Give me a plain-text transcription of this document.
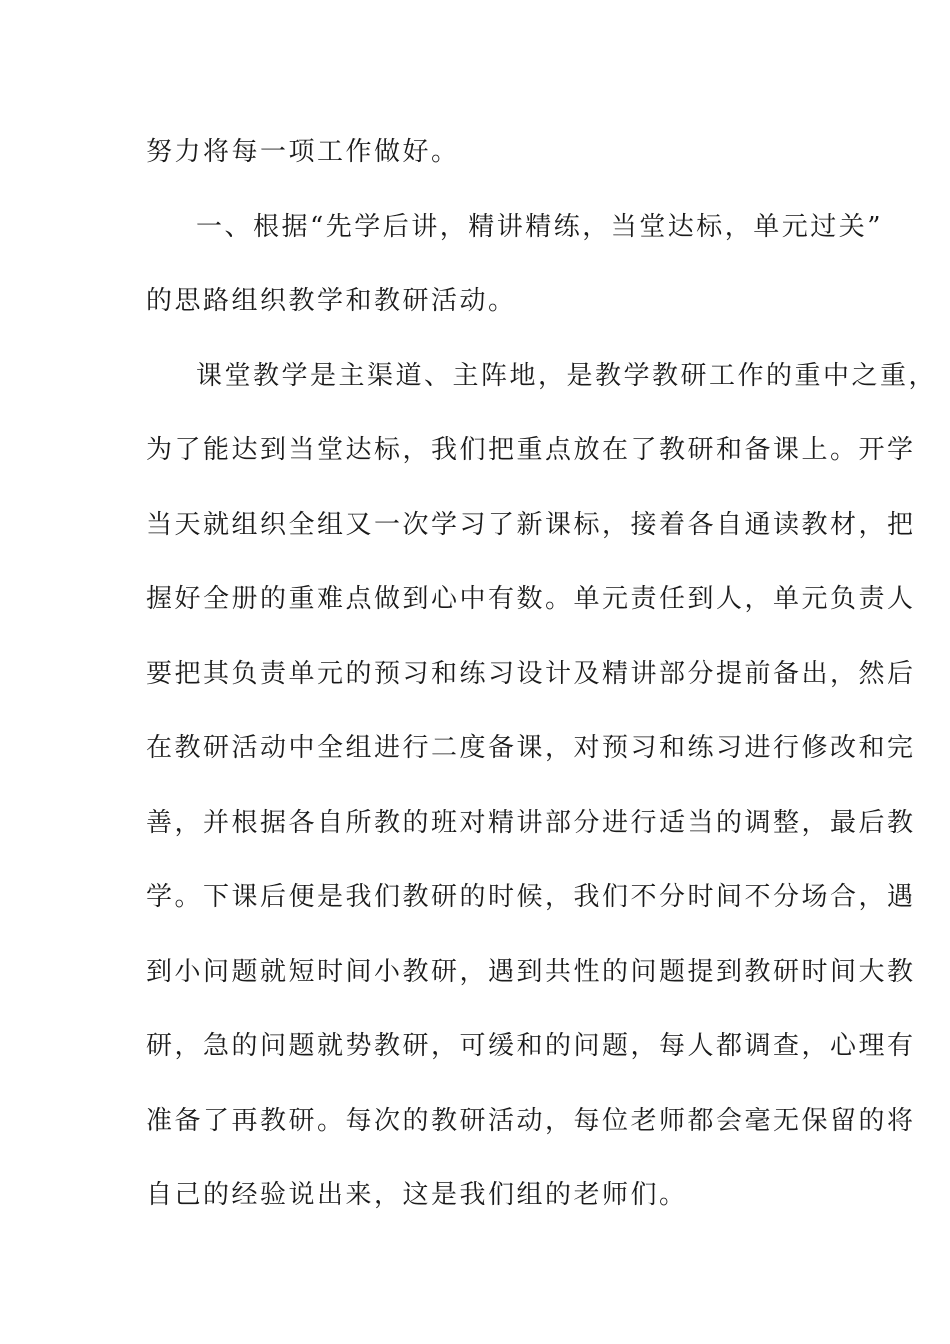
努力将每一项工作做好。
一、根据“先学后讲，精讲精练，当堂达标，单元过关”
的思路组织教学和教研活动。
课堂教学是主渠道、主阵地，是教学教研工作的重中之重，
为了能达到当堂达标，我们把重点放在了教研和备课上。开学
当天就组织全组又一次学习了新课标，接着各自通读教材，把
握好全册的重难点做到心中有数。单元责任到人，单元负责人
要把其负责单元的预习和练习设计及精讲部分提前备出，然后
在教研活动中全组进行二度备课，对预习和练习进行修改和完
善，并根据各自所教的班对精讲部分进行适当的调整，最后教
学。下课后便是我们教研的时候，我们不分时间不分场合，遇
到小问题就短时间小教研，遇到共性的问题提到教研时间大教
研，急的问题就势教研，可缓和的问题，每人都调查，心理有
准备了再教研。每次的教研活动，每位老师都会毫无保留的将
自己的经验说出来，这是我们组的老师们。
